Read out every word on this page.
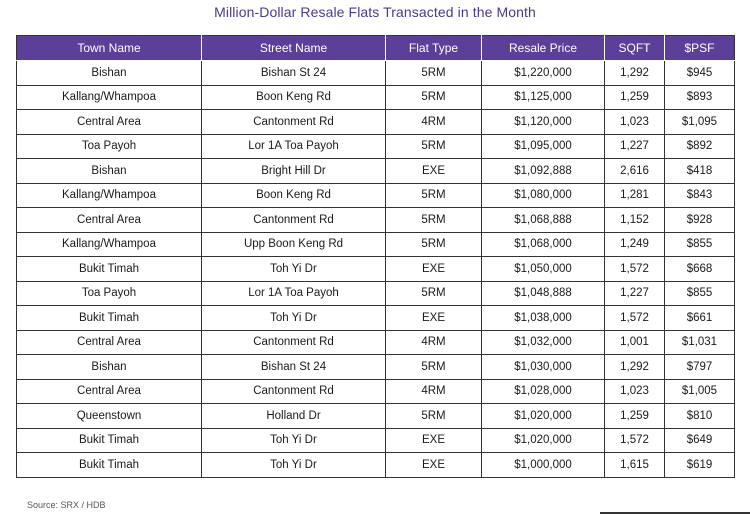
Million-Dollar Resale Flats Transacted in the Month
Town Name	Street Name	Flat Type	Resale Price	SQFT	$PSF
Bishan	Bishan St 24	5RM	$1,220,000	1,292	$945
Kallang/Whampoa	Boon Keng Rd	5RM	$1,125,000	1,259	$893
Central Area	Cantonment Rd	4RM	$1,120,000	1,023	$1,095
Toa Payoh	Lor 1A Toa Payoh	5RM	$1,095,000	1,227	$892
Bishan	Bright Hill Dr	EXE	$1,092,888	2,616	$418
Kallang/Whampoa	Boon Keng Rd	5RM	$1,080,000	1,281	$843
Central Area	Cantonment Rd	5RM	$1,068,888	1,152	$928
Kallang/Whampoa	Upp Boon Keng Rd	5RM	$1,068,000	1,249	$855
Bukit Timah	Toh Yi Dr	EXE	$1,050,000	1,572	$668
Toa Payoh	Lor 1A Toa Payoh	5RM	$1,048,888	1,227	$855
Bukit Timah	Toh Yi Dr	EXE	$1,038,000	1,572	$661
Central Area	Cantonment Rd	4RM	$1,032,000	1,001	$1,031
Bishan	Bishan St 24	5RM	$1,030,000	1,292	$797
Central Area	Cantonment Rd	4RM	$1,028,000	1,023	$1,005
Queenstown	Holland Dr	5RM	$1,020,000	1,259	$810
Bukit Timah	Toh Yi Dr	EXE	$1,020,000	1,572	$649
Bukit Timah	Toh Yi Dr	EXE	$1,000,000	1,615	$619
Source: SRX / HDB
